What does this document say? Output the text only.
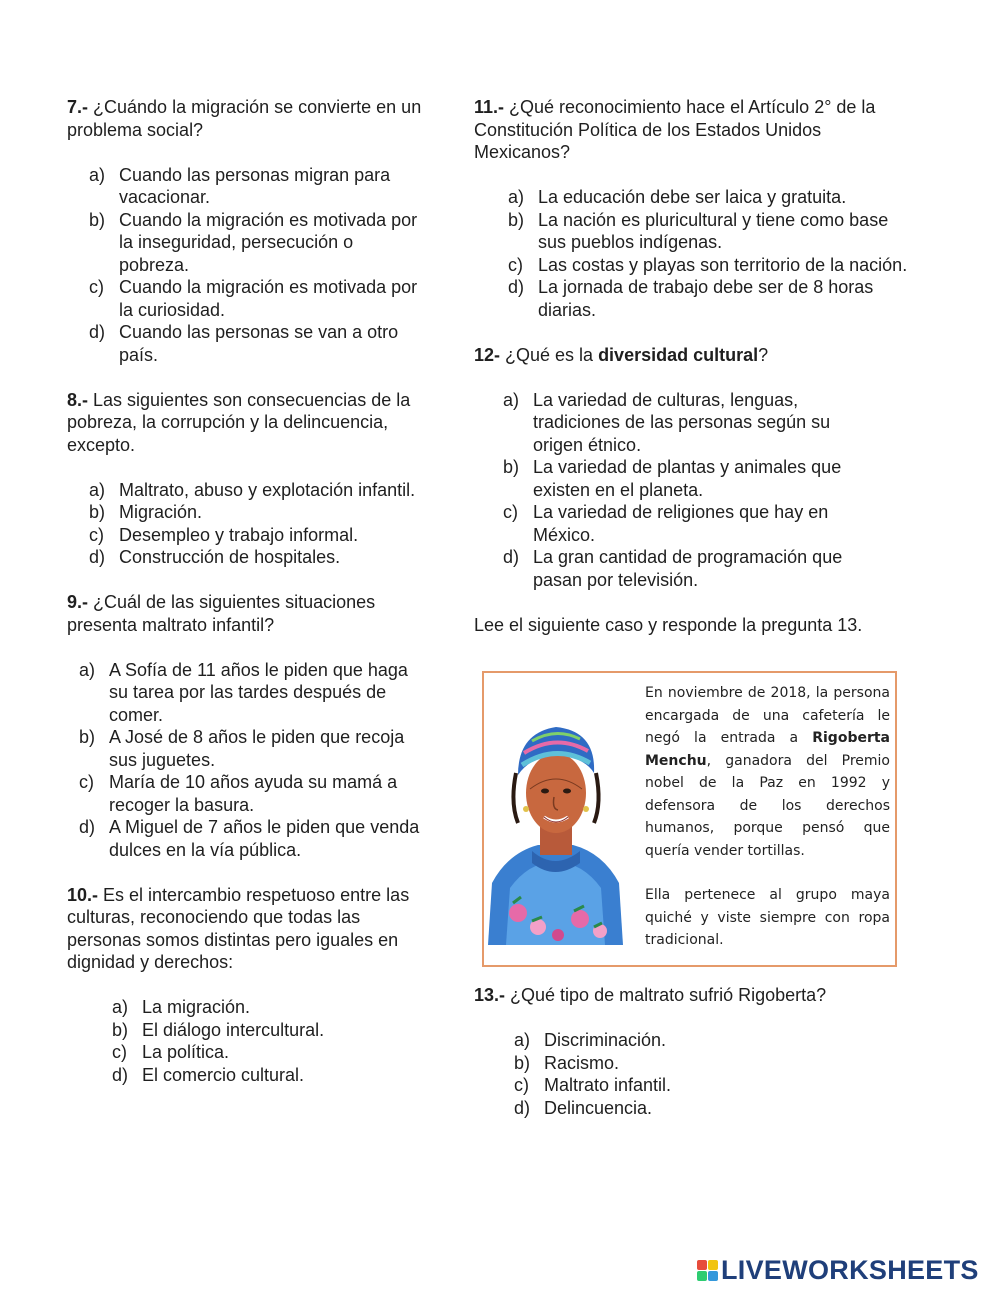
7.- ¿Cuándo la migración se convierte en un problema social?

a) Cuando las personas migran para vacacionar.
b) Cuando la migración es motivada por la inseguridad, persecución o pobreza.
c) Cuando la migración es motivada por la curiosidad.
d) Cuando las personas se van a otro país.

8.- Las siguientes son consecuencias de la pobreza, la corrupción y la delincuencia, excepto.

a) Maltrato, abuso y explotación infantil.
b) Migración.
c) Desempleo y trabajo informal.
d) Construcción de hospitales.

9.- ¿Cuál de las siguientes situaciones presenta maltrato infantil?

a) A Sofía de 11 años le piden que haga su tarea por las tardes después de comer.
b) A José de 8 años le piden que recoja sus juguetes.
c) María de 10 años ayuda su mamá a recoger la basura.
d) A Miguel de 7 años le piden que venda dulces en la vía pública.

10.- Es el intercambio respetuoso entre las culturas, reconociendo que todas las personas somos distintas pero iguales en dignidad y derechos:

a) La migración.
b) El diálogo intercultural.
c) La política.
d) El comercio cultural.

11.- ¿Qué reconocimiento hace el Artículo 2° de la Constitución Política de los Estados Unidos Mexicanos?

a) La educación debe ser laica y gratuita.
b) La nación es pluricultural y tiene como base sus pueblos indígenas.
c) Las costas y playas son territorio de la nación.
d) La jornada de trabajo debe ser de 8 horas diarias.

12- ¿Qué es la diversidad cultural?

a) La variedad de culturas, lenguas, tradiciones de las personas según su origen étnico.
b) La variedad de plantas y animales que existen en el planeta.
c) La variedad de religiones que hay en México.
d) La gran cantidad de programación que pasan por televisión.

Lee el siguiente caso y responde la pregunta 13.

En noviembre de 2018, la persona encargada de una cafetería le negó la entrada a Rigoberta Menchu, ganadora del Premio nobel de la Paz en 1992 y defensora de los derechos humanos, porque pensó que quería vender tortillas.

Ella pertenece al grupo maya quiché y viste siempre con ropa tradicional.

13.- ¿Qué tipo de maltrato sufrió Rigoberta?

a) Discriminación.
b) Racismo.
c) Maltrato infantil.
d) Delincuencia.
LIVEWORKSHEETS
